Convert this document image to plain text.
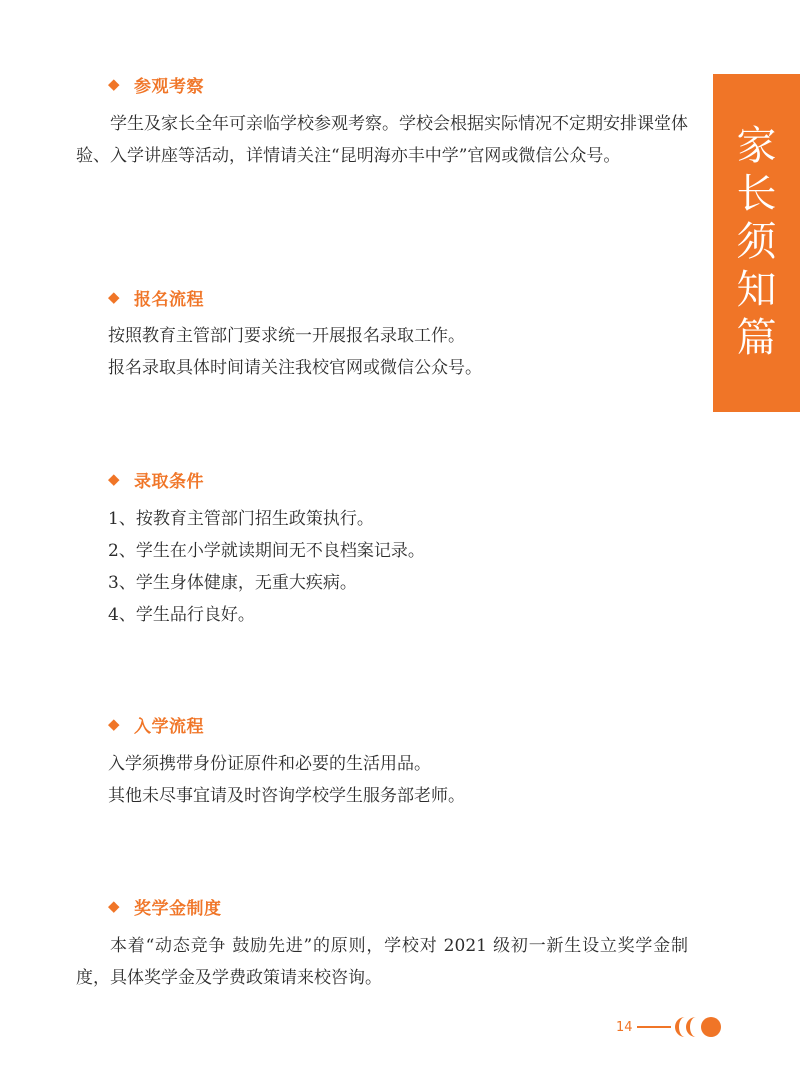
家长须知篇
◆ 参观考察

学生及家长全年可亲临学校参观考察。学校会根据实际情况不定期安排课堂体验、入学讲座等活动，详情请关注“昆明海亦丰中学”官网或微信公众号。

◆ 报名流程
按照教育主管部门要求统一开展报名录取工作。
报名录取具体时间请关注我校官网或微信公众号。
◆ 录取条件
1、按教育主管部门招生政策执行。
2、学生在小学就读期间无不良档案记录。
3、学生身体健康，无重大疾病。
4、学生品行良好。
◆ 入学流程
入学须携带身份证原件和必要的生活用品。
其他未尽事宜请及时咨询学校学生服务部老师。
◆ 奖学金制度

本着“动态竞争 鼓励先进”的原则，学校对 2021 级初一新生设立奖学金制度，具体奖学金及学费政策请来校咨询。

14
